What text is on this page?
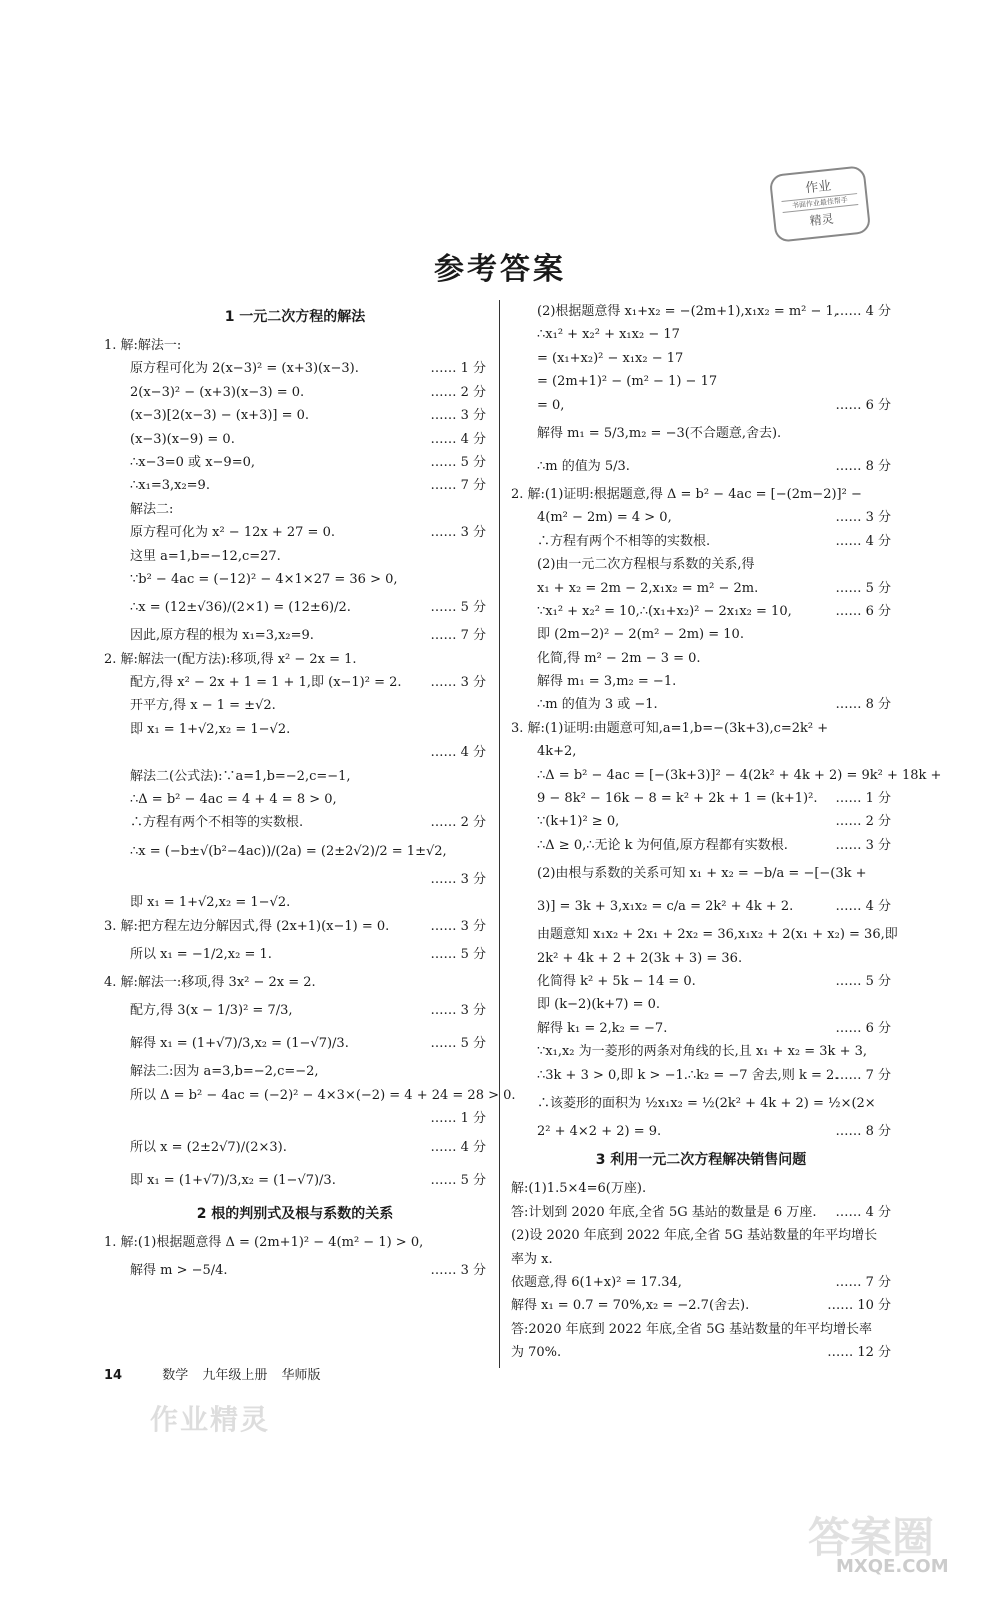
作业
书面作业最佳帮手
精灵
参考答案
1 一元二次方程的解法
1. 解:解法一:
原方程可化为 2(x−3)² = (x+3)(x−3).	…… 1 分
2(x−3)² − (x+3)(x−3) = 0.	…… 2 分
(x−3)[2(x−3) − (x+3)] = 0.	…… 3 分
(x−3)(x−9) = 0.	…… 4 分
∴x−3=0 或 x−9=0,	…… 5 分
∴x₁=3,x₂=9.	…… 7 分
解法二:
原方程可化为 x² − 12x + 27 = 0.	…… 3 分
这里 a=1,b=−12,c=27.
∵b² − 4ac = (−12)² − 4×1×27 = 36 > 0,
∴x = (12±√36)/(2×1) = (12±6)/2.	…… 5 分
因此,原方程的根为 x₁=3,x₂=9.	…… 7 分
2. 解:解法一(配方法):移项,得 x² − 2x = 1.
配方,得 x² − 2x + 1 = 1 + 1,即 (x−1)² = 2. …… 3 分
开平方,得 x − 1 = ±√2.
即 x₁ = 1+√2,x₂ = 1−√2.
…… 4 分
解法二(公式法):∵a=1,b=−2,c=−1,
∴Δ = b² − 4ac = 4 + 4 = 8 > 0,
∴方程有两个不相等的实数根.	…… 2 分
∴x = (−b±√(b²−4ac))/(2a) = (2±2√2)/2 = 1±√2,
…… 3 分
即 x₁ = 1+√2,x₂ = 1−√2.
3. 解:把方程左边分解因式,得 (2x+1)(x−1) = 0.	…… 3 分
所以 x₁ = −1/2,x₂ = 1.	…… 5 分
4. 解:解法一:移项,得 3x² − 2x = 2.
配方,得 3(x − 1/3)² = 7/3,	…… 3 分
解得 x₁ = (1+√7)/3,x₂ = (1−√7)/3.	…… 5 分
解法二:因为 a=3,b=−2,c=−2,
所以 Δ = b² − 4ac = (−2)² − 4×3×(−2) = 4 + 24 = 28 > 0.
…… 1 分
所以 x = (2±2√7)/(2×3).	…… 4 分
即 x₁ = (1+√7)/3,x₂ = (1−√7)/3.	…… 5 分
2 根的判别式及根与系数的关系
1. 解:(1)根据题意得 Δ = (2m+1)² − 4(m² − 1) > 0,
解得 m > −5/4.	…… 3 分
(2)根据题意得 x₁+x₂ = −(2m+1),x₁x₂ = m² − 1,
…… 4 分
∴x₁² + x₂² + x₁x₂ − 17
= (x₁+x₂)² − x₁x₂ − 17
= (2m+1)² − (m² − 1) − 17
= 0,	…… 6 分
解得 m₁ = 5/3,m₂ = −3(不合题意,舍去).
∴m 的值为 5/3.	…… 8 分
2. 解:(1)证明:根据题意,得 Δ = b² − 4ac = [−(2m−2)]² −
4(m² − 2m) = 4 > 0,	…… 3 分
∴方程有两个不相等的实数根.	…… 4 分
(2)由一元二次方程根与系数的关系,得
x₁ + x₂ = 2m − 2,x₁x₂ = m² − 2m.	…… 5 分
∵x₁² + x₂² = 10,∴(x₁+x₂)² − 2x₁x₂ = 10,	…… 6 分
即 (2m−2)² − 2(m² − 2m) = 10.
化简,得 m² − 2m − 3 = 0.
解得 m₁ = 3,m₂ = −1.
∴m 的值为 3 或 −1.	…… 8 分
3. 解:(1)证明:由题意可知,a=1,b=−(3k+3),c=2k² +
4k+2,
∴Δ = b² − 4ac = [−(3k+3)]² − 4(2k² + 4k + 2) = 9k² + 18k +
9 − 8k² − 16k − 8 = k² + 2k + 1 = (k+1)². …… 1 分
∵(k+1)² ≥ 0,	…… 2 分
∴Δ ≥ 0,∴无论 k 为何值,原方程都有实数根.	…… 3 分
(2)由根与系数的关系可知 x₁ + x₂ = −b/a = −[−(3k +
3)] = 3k + 3,x₁x₂ = c/a = 2k² + 4k + 2.	…… 4 分
由题意知 x₁x₂ + 2x₁ + 2x₂ = 36,x₁x₂ + 2(x₁ + x₂) = 36,即
2k² + 4k + 2 + 2(3k + 3) = 36.
化简得 k² + 5k − 14 = 0.	…… 5 分
即 (k−2)(k+7) = 0.
解得 k₁ = 2,k₂ = −7.	…… 6 分
∵x₁,x₂ 为一菱形的两条对角线的长,且 x₁ + x₂ = 3k + 3,
∴3k + 3 > 0,即 k > −1.∴k₂ = −7 舍去,则 k = 2.
…… 7 分
∴该菱形的面积为 ½x₁x₂ = ½(2k² + 4k + 2) = ½×(2×
2² + 4×2 + 2) = 9.	…… 8 分
3 利用一元二次方程解决销售问题
解:(1)1.5×4=6(万座).
答:计划到 2020 年底,全省 5G 基站的数量是 6 万座. …… 4 分
(2)设 2020 年底到 2022 年底,全省 5G 基站数量的年平均增长
率为 x.
依题意,得 6(1+x)² = 17.34,	…… 7 分
解得 x₁ = 0.7 = 70%,x₂ = −2.7(舍去).	…… 10 分
答:2020 年底到 2022 年底,全省 5G 基站数量的年平均增长率
为 70%.	…… 12 分
14	数学 九年级上册 华师版
作业精灵
答案圈
MXQE.COM
